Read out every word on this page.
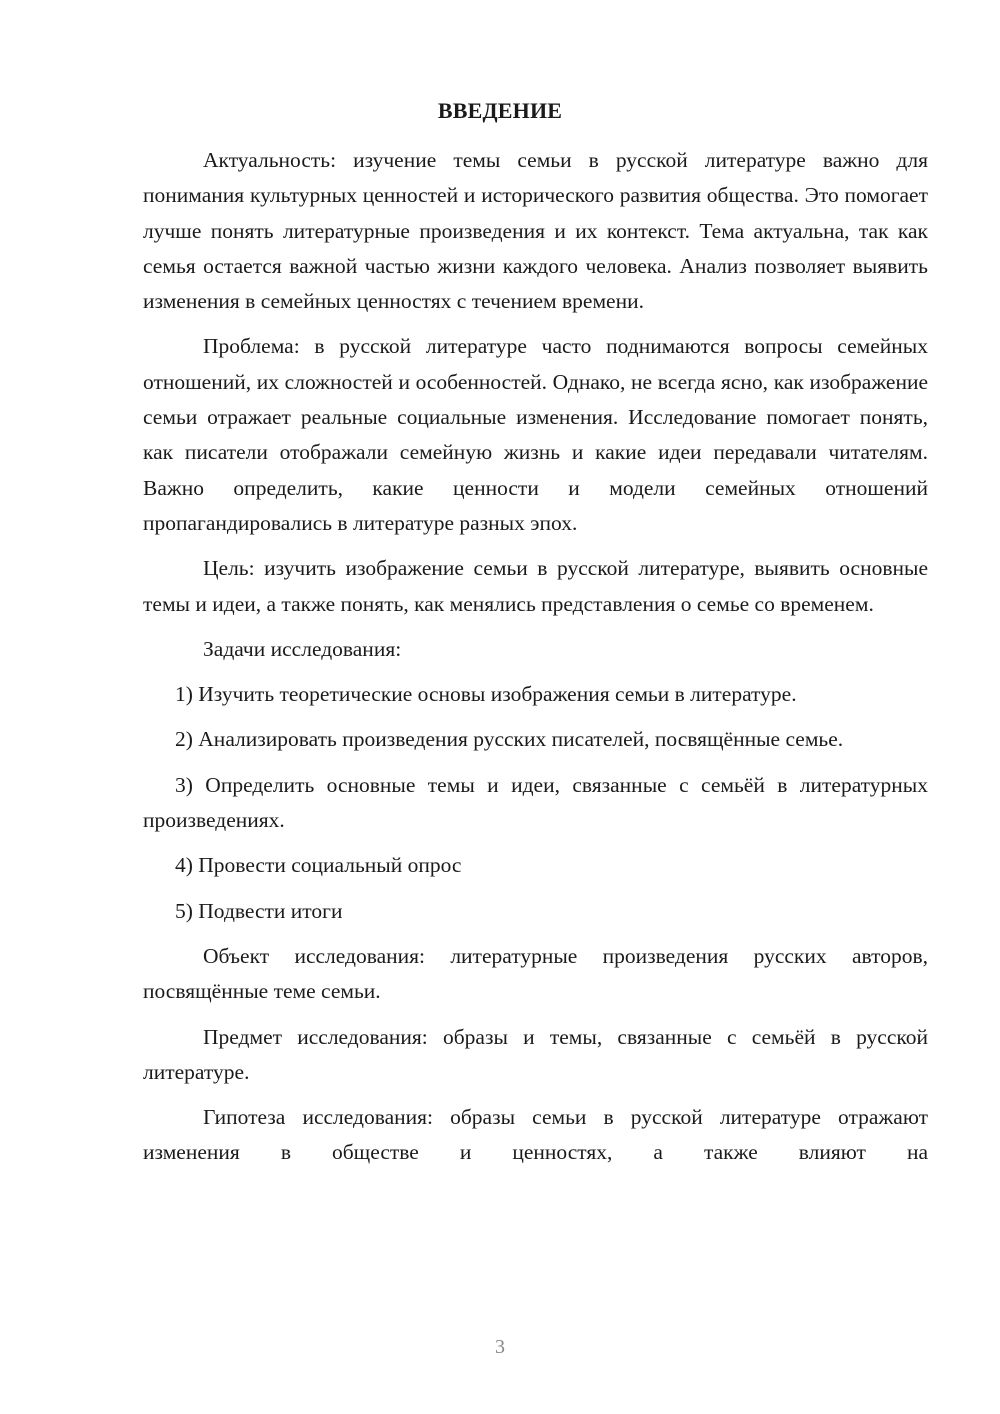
ВВЕДЕНИЕ

Актуальность: изучение темы семьи в русской литературе важно для понимания культурных ценностей и исторического развития общества. Это помогает лучше понять литературные произведения и их контекст. Тема актуальна, так как семья остается важной частью жизни каждого человека. Анализ позволяет выявить изменения в семейных ценностях с течением времени.

Проблема: в русской литературе часто поднимаются вопросы семейных отношений, их сложностей и особенностей. Однако, не всегда ясно, как изображение семьи отражает реальные социальные изменения. Исследование помогает понять, как писатели отображали семейную жизнь и какие идеи передавали читателям. Важно определить, какие ценности и модели семейных отношений пропагандировались в литературе разных эпох.

Цель: изучить изображение семьи в русской литературе, выявить основные темы и идеи, а также понять, как менялись представления о семье со временем.

Задачи исследования:

1) Изучить теоретические основы изображения семьи в литературе.

2) Анализировать произведения русских писателей, посвящённые семье.

3) Определить основные темы и идеи, связанные с семьёй в литературных произведениях.

4) Провести социальный опрос

5) Подвести итоги

Объект исследования: литературные произведения русских авторов, посвящённые теме семьи.

Предмет исследования: образы и темы, связанные с семьёй в русской литературе.

Гипотеза исследования: образы семьи в русской литературе отражают изменения в обществе и ценностях, а также влияют на

3
